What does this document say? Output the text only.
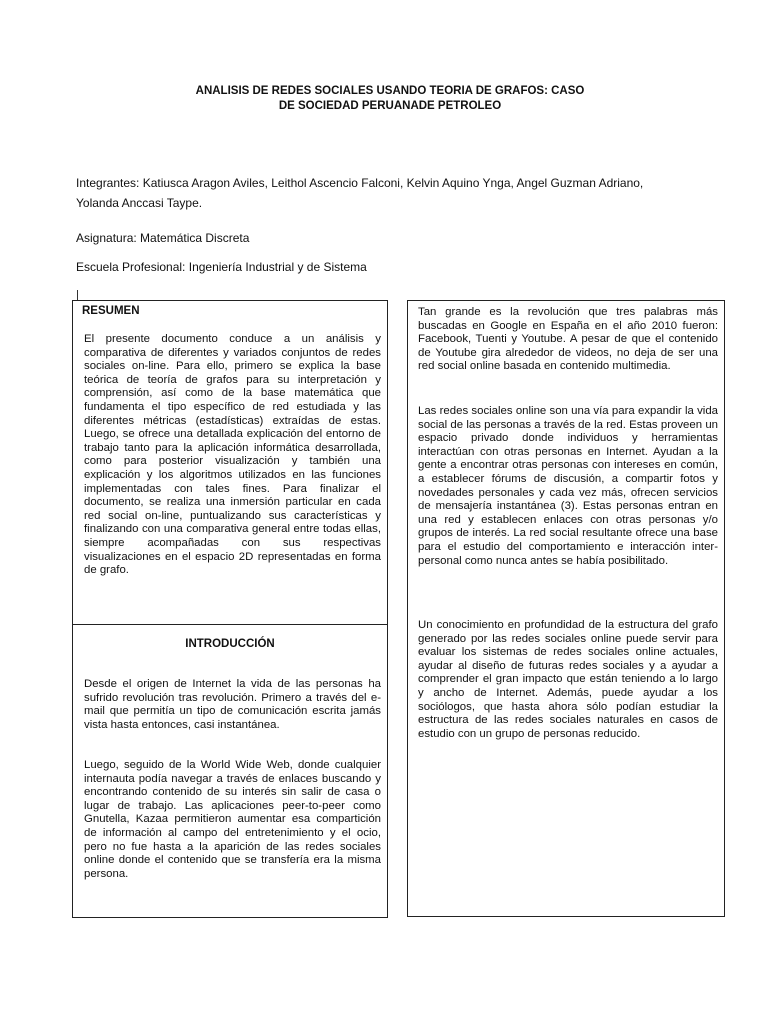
ANALISIS DE REDES SOCIALES USANDO TEORIA DE GRAFOS: CASO
DE SOCIEDAD PERUANADE PETROLEO
Integrantes: Katiusca Aragon Aviles, Leithol Ascencio Falconi, Kelvin Aquino Ynga, Angel Guzman Adriano,
Yolanda Anccasi Taype.
Asignatura: Matemática Discreta
Escuela Profesional: Ingeniería Industrial y de Sistema
RESUMEN

El presente documento conduce a un análisis y comparativa de diferentes y variados conjuntos de redes sociales on-line. Para ello, primero se explica la base teórica de teoría de grafos para su interpretación y comprensión, así como de la base matemática que fundamenta el tipo específico de red estudiada y las diferentes métricas (estadísticas) extraídas de estas. Luego, se ofrece una detallada explicación del entorno de trabajo tanto para la aplicación informática desarrollada, como para posterior visualización y también una explicación y los algoritmos utilizados en las funciones implementadas con tales fines. Para finalizar el documento, se realiza una inmersión particular en cada red social on-line, puntualizando sus características y finalizando con una comparativa general entre todas ellas, siempre acompañadas con sus respectivas visualizaciones en el espacio 2D representadas en forma de grafo.

INTRODUCCIÓN

Desde el origen de Internet la vida de las personas ha sufrido revolución tras revolución. Primero a través del e-mail que permitía un tipo de comunicación escrita jamás vista hasta entonces, casi instantánea.

Luego, seguido de la World Wide Web, donde cualquier internauta podía navegar a través de enlaces buscando y encontrando contenido de su interés sin salir de casa o lugar de trabajo. Las aplicaciones peer-to-peer como Gnutella, Kazaa permitieron aumentar esa compartición de información al campo del entretenimiento y el ocio, pero no fue hasta a la aparición de las redes sociales online donde el contenido que se transfería era la misma persona.

Tan grande es la revolución que tres palabras más buscadas en Google en España en el año 2010 fueron: Facebook, Tuenti y Youtube. A pesar de que el contenido de Youtube gira alrededor de videos, no deja de ser una red social online basada en contenido multimedia.

Las redes sociales online son una vía para expandir la vida social de las personas a través de la red. Estas proveen un espacio privado donde individuos y herramientas interactúan con otras personas en Internet. Ayudan a la gente a encontrar otras personas con intereses en común, a establecer fórums de discusión, a compartir fotos y novedades personales y cada vez más, ofrecen servicios de mensajería instantánea (3). Estas personas entran en una red y establecen enlaces con otras personas y/o grupos de interés. La red social resultante ofrece una base para el estudio del comportamiento e interacción inter-personal como nunca antes se había posibilitado.

Un conocimiento en profundidad de la estructura del grafo generado por las redes sociales online puede servir para evaluar los sistemas de redes sociales online actuales, ayudar al diseño de futuras redes sociales y a ayudar a comprender el gran impacto que están teniendo a lo largo y ancho de Internet. Además, puede ayudar a los sociólogos, que hasta ahora sólo podían estudiar la estructura de las redes sociales naturales en casos de estudio con un grupo de personas reducido.
